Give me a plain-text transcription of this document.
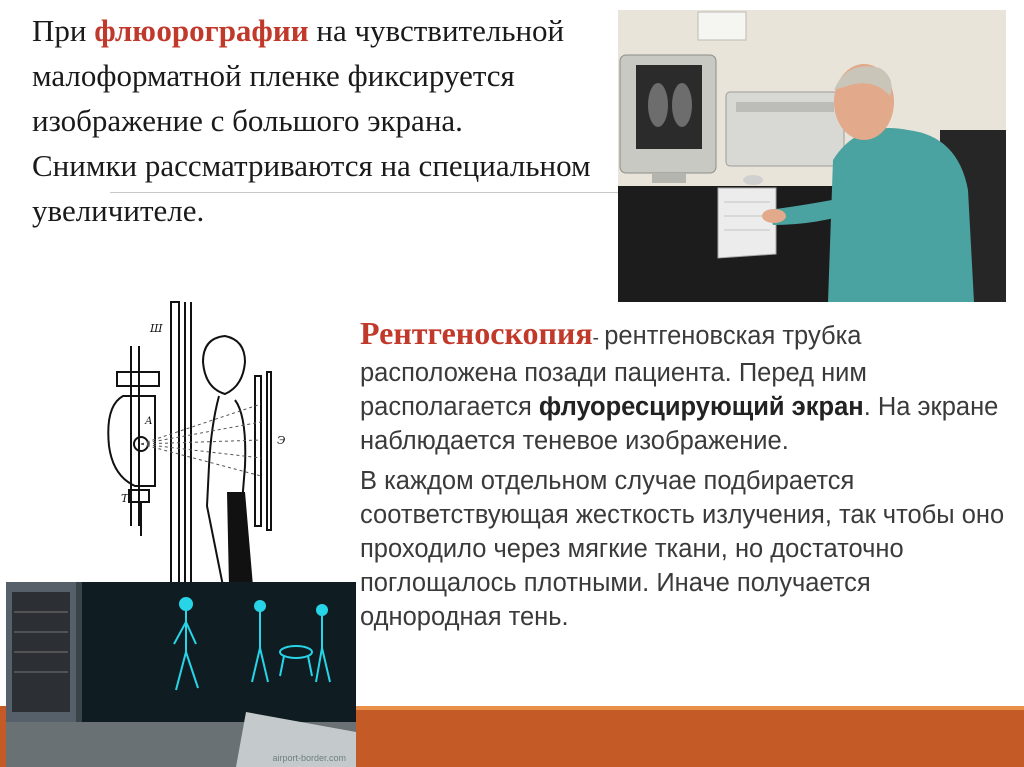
При флюорографии на чувствительной малоформатной пленке фиксируется изображение с большого экрана.

Снимки рассматриваются на специальном увеличителе.

Ш
Э
Т
А
airport-border.com

Рентгеноскопия- рентгеновская трубка расположена позади пациента. Перед ним располагается флуоресцирующий экран. На экране наблюдается теневое изображение.

В каждом отдельном случае подбирается соответствующая жесткость излучения, так чтобы оно проходило через мягкие ткани, но достаточно поглощалось плотными. Иначе получается однородная тень.
